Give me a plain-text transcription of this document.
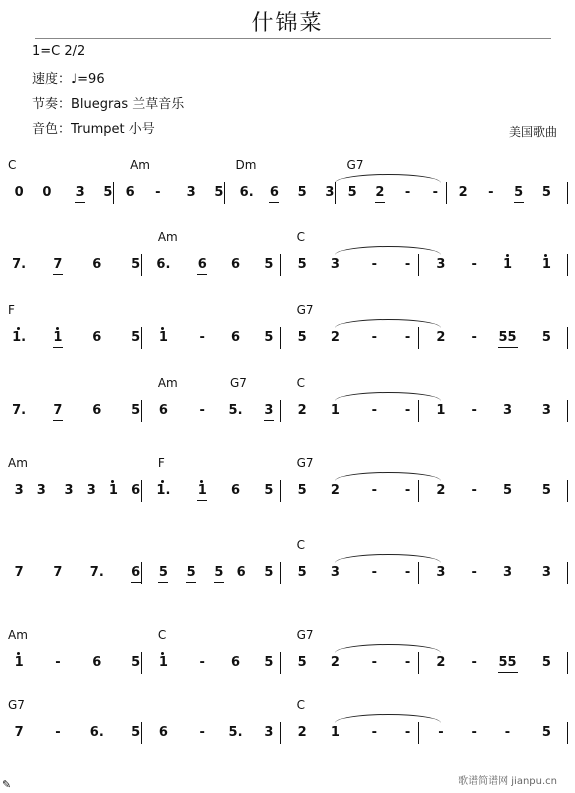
什锦菜
1=C 2/2
速度：♩=96
节奏：Bluegras 兰草音乐
音色：Trumpet 小号	美国歌曲
C	Am	Dm	G7
0 0 3 5 6 - 3 5 6. 6 5 3 5 2 - - 2 - 5 5
Am	C
7. 7 6 5 6. 6 6 5 5 3 - - 3 - 1 1
F	G7
1. 1 6 5 1 - 6 5 5 2 - - 2 - 55 5
Am	G7	C
7. 7 6 5 6 - 5. 3 2 1 - - 1 - 3 3
Am	F	G7
3 3 3 3 1 6 1. 1 6 5 5 2 - - 2 - 5 5
C
7 7 7. 6 5 5 5 6 5 5 3 - - 3 - 3 3
Am	C	G7
1 - 6 5 1 - 6 5 5 2 - - 2 - 55 5
G7	C
7 - 6. 5 6 - 5. 3 2 1 - - - - - 5
✎	歌谱简谱网 jianpu.cn
